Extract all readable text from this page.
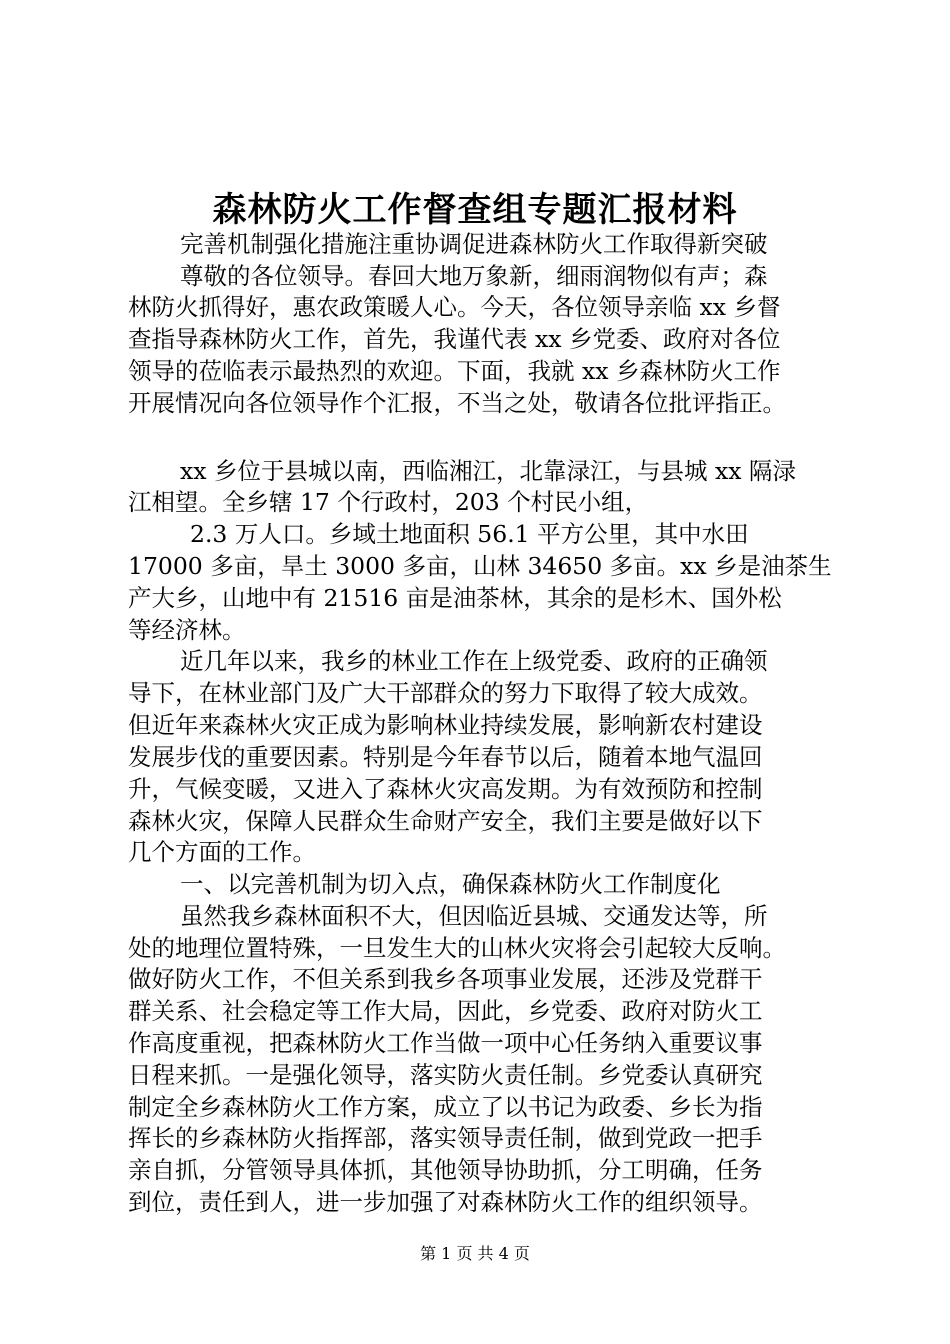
森林防火工作督查组专题汇报材料
完善机制强化措施注重协调促进森林防火工作取得新突破
尊敬的各位领导。春回大地万象新，细雨润物似有声；森
林防火抓得好，惠农政策暖人心。今天，各位领导亲临 xx 乡督
查指导森林防火工作，首先，我谨代表 xx 乡党委、政府对各位
领导的莅临表示最热烈的欢迎。下面，我就 xx 乡森林防火工作
开展情况向各位领导作个汇报，不当之处，敬请各位批评指正。
xx 乡位于县城以南，西临湘江，北靠渌江，与县城 xx 隔渌
江相望。全乡辖 17 个行政村，203 个村民小组，
2.3 万人口。乡域土地面积 56.1 平方公里，其中水田
17000 多亩，旱土 3000 多亩，山林 34650 多亩。xx 乡是油茶生
产大乡，山地中有 21516 亩是油茶林，其余的是杉木、国外松
等经济林。
近几年以来，我乡的林业工作在上级党委、政府的正确领
导下，在林业部门及广大干部群众的努力下取得了较大成效。
但近年来森林火灾正成为影响林业持续发展，影响新农村建设
发展步伐的重要因素。特别是今年春节以后，随着本地气温回
升，气候变暖，又进入了森林火灾高发期。为有效预防和控制
森林火灾，保障人民群众生命财产安全，我们主要是做好以下
几个方面的工作。
一、以完善机制为切入点，确保森林防火工作制度化
虽然我乡森林面积不大，但因临近县城、交通发达等，所
处的地理位置特殊，一旦发生大的山林火灾将会引起较大反响。
做好防火工作，不但关系到我乡各项事业发展，还涉及党群干
群关系、社会稳定等工作大局，因此，乡党委、政府对防火工
作高度重视，把森林防火工作当做一项中心任务纳入重要议事
日程来抓。一是强化领导，落实防火责任制。乡党委认真研究
制定全乡森林防火工作方案，成立了以书记为政委、乡长为指
挥长的乡森林防火指挥部，落实领导责任制，做到党政一把手
亲自抓，分管领导具体抓，其他领导协助抓，分工明确，任务
到位，责任到人，进一步加强了对森林防火工作的组织领导。
第 1 页 共 4 页
